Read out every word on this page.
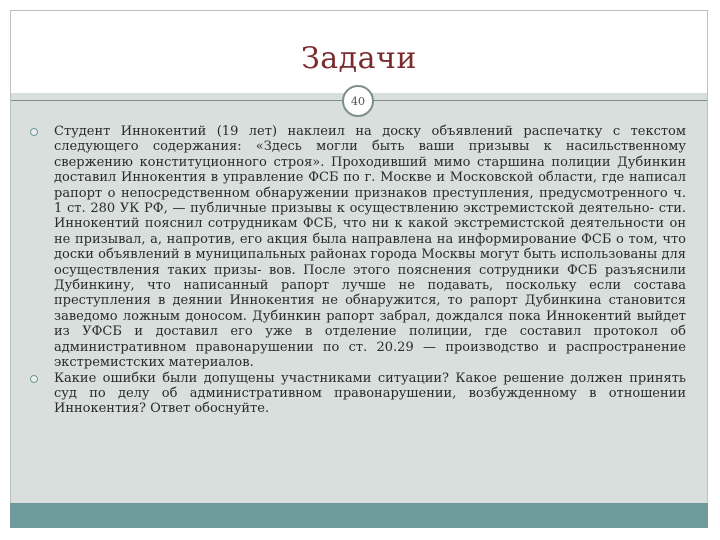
Задачи
40
Студент Иннокентий (19 лет) наклеил на доску объявлений распечатку с текстом следующего содержания: «Здесь могли быть ваши призывы к насильственному свержению конституционного строя». Проходивший мимо старшина полиции Дубинкин доставил Иннокентия в управление ФСБ по г. Москве и Московской области, где написал рапорт о непосредственном обнаружении признаков преступления, предусмотренного ч. 1 ст. 280 УК РФ, — публичные призывы к осуществлению экстремистской деятельно- сти. Иннокентий пояснил сотрудникам ФСБ, что ни к какой экстремистской деятельности он не призывал, а, напротив, его акция была направлена на информирование ФСБ о том, что доски объявлений в муниципальных районах города Москвы могут быть использованы для осуществления таких призы- вов. После этого пояснения сотрудники ФСБ разъяснили Дубинкину, что написанный рапорт лучше не подавать, поскольку если состава преступления в деянии Иннокентия не обнаружится, то рапорт Дубинкина становится заведомо ложным доносом. Дубинкин рапорт забрал, дождался пока Иннокентий выйдет из УФСБ и доставил его уже в отделение полиции, где составил протокол об административном правонарушении по ст. 20.29 — производство и распространение экстремистских материалов.
Какие ошибки были допущены участниками ситуации? Какое решение должен принять суд по делу об административном правонарушении, возбужденному в отношении Иннокентия? Ответ обоснуйте.
